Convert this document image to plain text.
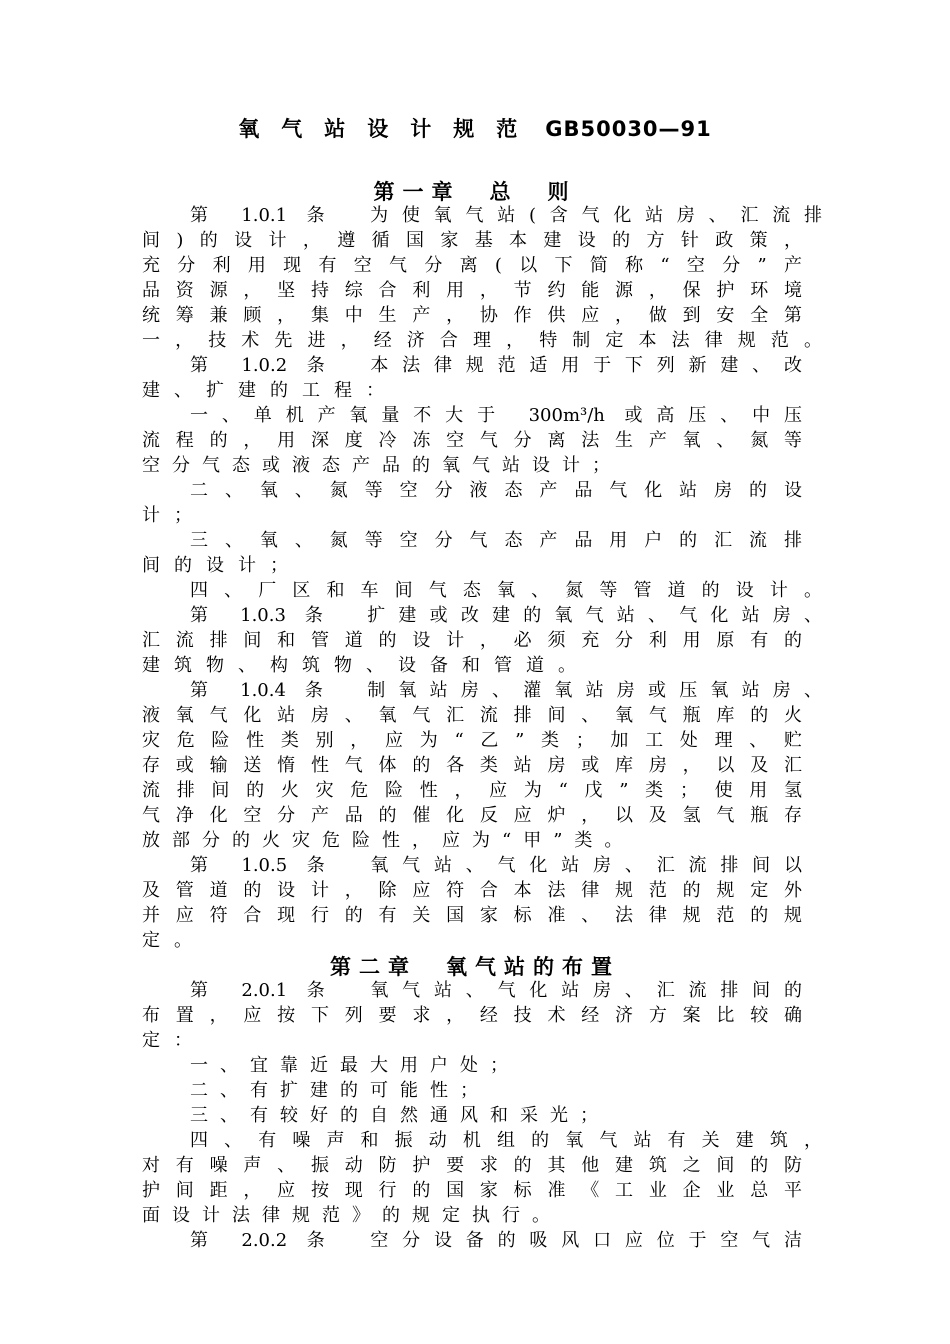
氧气站设计规范 GB50030—91
第一章　总　则
第 1.0.1 条　为使氧气站(含气化站房、汇流排
间)的设计，遵循国家基本建设的方针政策，
充分利用现有空气分离(以下简称“空分”产
品资源，坚持综合利用，节约能源，保护环境
统筹兼顾，集中生产，协作供应，做到安全第
一，技术先进，经济合理，特制定本法律规范。
第 1.0.2 条　本法律规范适用于下列新建、改
建、扩建的工程：
一、单机产氧量不大于 300m³/h 或高压、中压
流程的，用深度冷冻空气分离法生产氧、氮等
空分气态或液态产品的氧气站设计；
二、氧、氮等空分液态产品气化站房的设
计；
三、氧、氮等空分气态产品用户的汇流排
间的设计；
四、厂区和车间气态氧、氮等管道的设计。
第 1.0.3 条　扩建或改建的氧气站、气化站房、
汇流排间和管道的设计，必须充分利用原有的
建筑物、构筑物、设备和管道。
第 1.0.4 条　制氧站房、灌氧站房或压氧站房、
液氧气化站房、氧气汇流排间、氧气瓶库的火
灾危险性类别，应为“乙”类；加工处理、贮
存或输送惰性气体的各类站房或库房，以及汇
流排间的火灾危险性，应为“戊”类；使用氢
气净化空分产品的催化反应炉，以及氢气瓶存
放部分的火灾危险性，应为“甲”类。
第 1.0.5 条　氧气站、气化站房、汇流排间以
及管道的设计，除应符合本法律规范的规定外
并应符合现行的有关国家标准、法律规范的规
定。
第二章　氧气站的布置
第 2.0.1 条　氧气站、气化站房、汇流排间的
布置，应按下列要求，经技术经济方案比较确
定：
一、宜靠近最大用户处；
二、有扩建的可能性；
三、有较好的自然通风和采光；
四、有噪声和振动机组的氧气站有关建筑，
对有噪声、振动防护要求的其他建筑之间的防
护间距，应按现行的国家标准《工业企业总平
面设计法律规范》的规定执行。
第 2.0.2 条　空分设备的吸风口应位于空气洁
